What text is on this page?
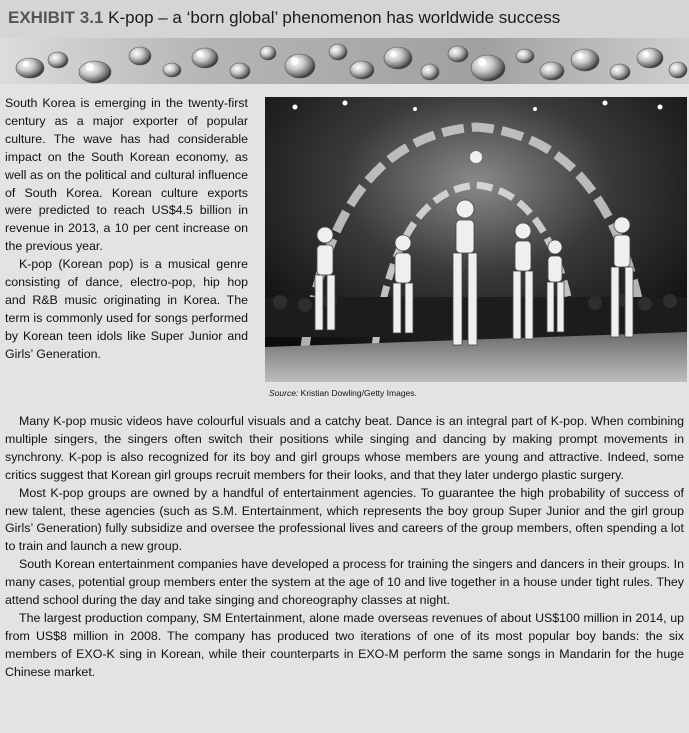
EXHIBIT 3.1 K-pop – a ‘born global’ phenomenon has worldwide success
Source: Kristian Dowling/Getty Images.

South Korea is emerging in the twenty-first century as a major exporter of popular culture. The wave has had considerable impact on the South Korean economy, as well as on the political and cultural influence of South Korea. Korean culture exports were predicted to reach US$4.5 billion in revenue in 2013, a 10 per cent increase on the previous year.

K-pop (Korean pop) is a musical genre consisting of dance, electro-pop, hip hop and R&B music originating in Korea. The term is commonly used for songs performed by Korean teen idols like Super Junior and Girls’ Generation.

Many K-pop music videos have colourful visuals and a catchy beat. Dance is an integral part of K-pop. When combining multiple singers, the singers often switch their positions while singing and dancing by making prompt movements in synchrony. K-pop is also recognized for its boy and girl groups whose members are young and attractive. Indeed, some critics suggest that Korean girl groups recruit members for their looks, and that they later undergo plastic surgery.

Most K-pop groups are owned by a handful of entertainment agencies. To guarantee the high probability of success of new talent, these agencies (such as S.M. Entertainment, which represents the boy group Super Junior and the girl group Girls’ Generation) fully subsidize and oversee the professional lives and careers of the group members, often spending a lot to train and launch a new group.

South Korean entertainment companies have developed a process for training the singers and dancers in their groups. In many cases, potential group members enter the system at the age of 10 and live together in a house under tight rules. They attend school during the day and take singing and choreography classes at night.

The largest production company, SM Entertainment, alone made overseas revenues of about US$100 million in 2014, up from US$8 million in 2008. The company has produced two iterations of one of its most popular boy bands: the six members of EXO-K sing in Korean, while their counterparts in EXO-M perform the same songs in Mandarin for the huge Chinese market.
